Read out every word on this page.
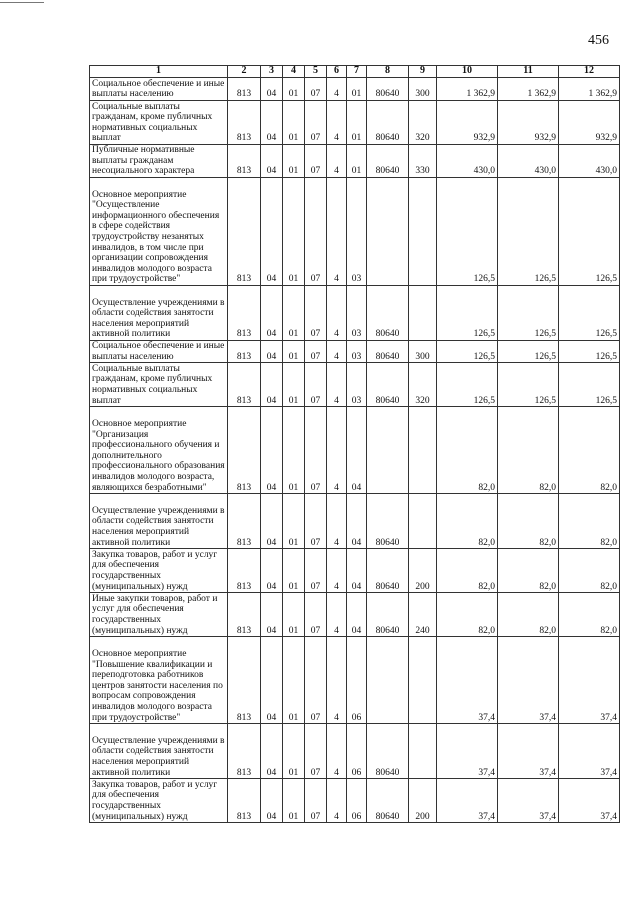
456
1	2	3	4	5	6	7	8	9	10	11	12
Социальное обеспечение и иные выплаты населению	813	04	01	07	4	01	80640	300	1 362,9	1 362,9	1 362,9
Социальные выплаты гражданам, кроме публичных нормативных социальных выплат	813	04	01	07	4	01	80640	320	932,9	932,9	932,9
Публичные нормативные выплаты гражданам несоциального характера	813	04	01	07	4	01	80640	330	430,0	430,0	430,0
Основное мероприятие "Осуществление информационного обеспечения в сфере содействия трудоустройству незанятых инвалидов, в том числе при организации сопровождения инвалидов молодого возраста при трудоустройстве"	813	04	01	07	4	03			126,5	126,5	126,5
Осуществление учреждениями в области содействия занятости населения мероприятий активной политики	813	04	01	07	4	03	80640		126,5	126,5	126,5
Социальное обеспечение и иные выплаты населению	813	04	01	07	4	03	80640	300	126,5	126,5	126,5
Социальные выплаты гражданам, кроме публичных нормативных социальных выплат	813	04	01	07	4	03	80640	320	126,5	126,5	126,5
Основное мероприятие "Организация профессионального обучения и дополнительного профессионального образования инвалидов молодого возраста, являющихся безработными"	813	04	01	07	4	04			82,0	82,0	82,0
Осуществление учреждениями в области содействия занятости населения мероприятий активной политики	813	04	01	07	4	04	80640		82,0	82,0	82,0
Закупка товаров, работ и услуг для обеспечения государственных (муниципальных) нужд	813	04	01	07	4	04	80640	200	82,0	82,0	82,0
Иные закупки товаров, работ и услуг для обеспечения государственных (муниципальных) нужд	813	04	01	07	4	04	80640	240	82,0	82,0	82,0
Основное мероприятие "Повышение квалификации и переподготовка работников центров занятости населения по вопросам сопровождения инвалидов молодого возраста при трудоустройстве"	813	04	01	07	4	06			37,4	37,4	37,4
Осуществление учреждениями в области содействия занятости населения мероприятий активной политики	813	04	01	07	4	06	80640		37,4	37,4	37,4
Закупка товаров, работ и услуг для обеспечения государственных (муниципальных) нужд	813	04	01	07	4	06	80640	200	37,4	37,4	37,4
